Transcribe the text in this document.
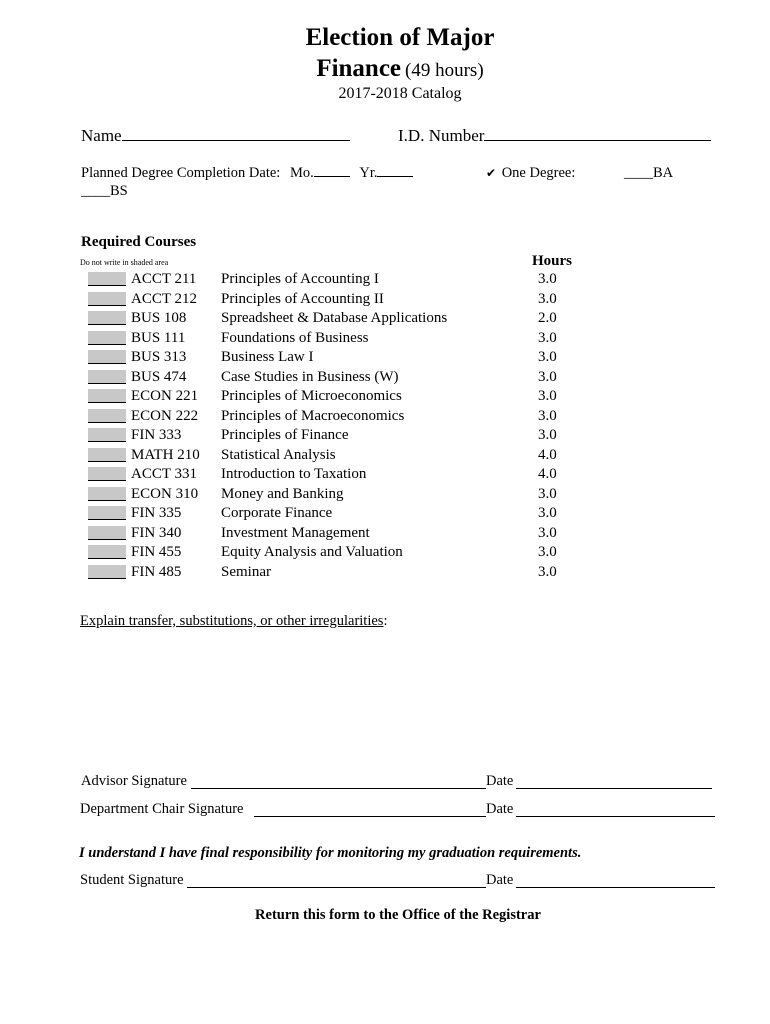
Election of Major
Finance (49 hours)
2017-2018 Catalog
Name	I.D. Number
Planned Degree Completion Date: Mo.	Yr.	✔ One Degree:	____BA
____BS
Required Courses
Do not write in shaded area	Hours
ACCT 211 Principles of Accounting I	3.0
ACCT 212 Principles of Accounting II	3.0
BUS 108 Spreadsheet & Database Applications	2.0
BUS 111 Foundations of Business	3.0
BUS 313 Business Law I	3.0
BUS 474 Case Studies in Business (W)	3.0
ECON 221 Principles of Microeconomics	3.0
ECON 222 Principles of Macroeconomics	3.0
FIN 333	Principles of Finance	3.0
MATH 210 Statistical Analysis	4.0
ACCT 331 Introduction to Taxation	4.0
ECON 310 Money and Banking	3.0
FIN 335	Corporate Finance	3.0
FIN 340	Investment Management	3.0
FIN 455	Equity Analysis and Valuation	3.0
FIN 485	Seminar	3.0
Explain transfer, substitutions, or other irregularities:
Advisor Signature	Date
Department Chair Signature	Date
I understand I have final responsibility for monitoring my graduation requirements.
Student Signature	Date
Return this form to the Office of the Registrar
